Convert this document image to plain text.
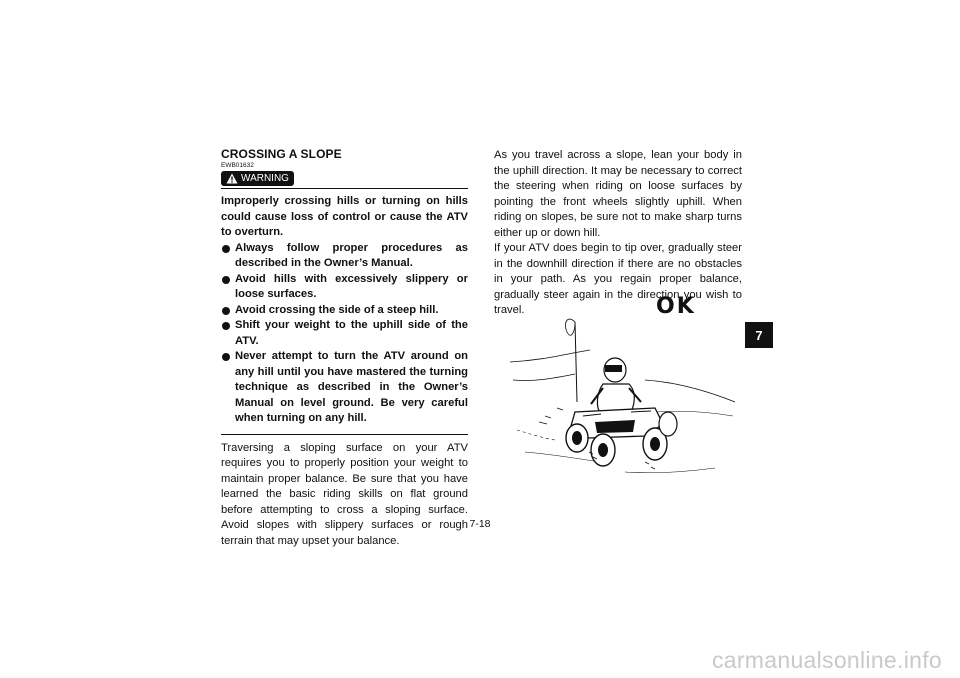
CROSSING A SLOPE
EWB01632
WARNING

Improperly crossing hills or turning on hills could cause loss of control or cause the ATV to overturn.

Always follow proper procedures as described in the Owner’s Manual.
Avoid hills with excessively slippery or loose surfaces.
Avoid crossing the side of a steep hill.
Shift your weight to the uphill side of the ATV.
Never attempt to turn the ATV around on any hill until you have mastered the turning technique as described in the Owner’s Manual on level ground. Be very careful when turning on any hill.

Traversing a sloping surface on your ATV requires you to properly position your weight to maintain proper balance. Be sure that you have learned the basic riding skills on flat ground before attempting to cross a sloping surface. Avoid slopes with slippery surfaces or rough terrain that may upset your balance.

As you travel across a slope, lean your body in the uphill direction. It may be necessary to correct the steering when riding on loose surfaces by pointing the front wheels slightly uphill. When riding on slopes, be sure not to make sharp turns either up or down hill.

If your ATV does begin to tip over, gradually steer in the downhill direction if there are no obstacles in your path. As you regain proper balance, gradually steer again in the direction you wish to travel.	OK
7
7-18
carmanualsonline.info
